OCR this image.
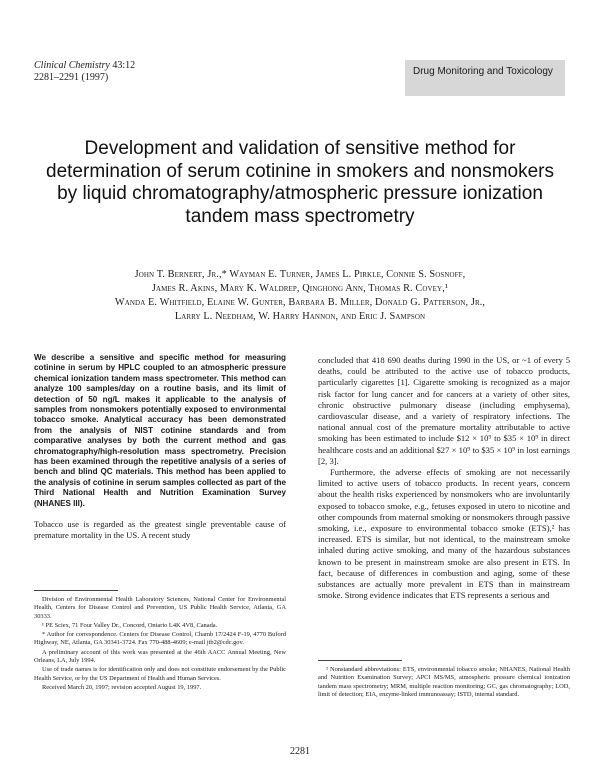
Clinical Chemistry 43:12
2281–2291 (1997)
Drug Monitoring and Toxicology
Development and validation of sensitive method for determination of serum cotinine in smokers and nonsmokers by liquid chromatography/atmospheric pressure ionization tandem mass spectrometry
John T. Bernert, Jr.,* Wayman E. Turner, James L. Pirkle, Connie S. Sosnoff,
James R. Akins, Mary K. Waldrep, Qinghong Ann, Thomas R. Covey,¹
Wanda E. Whitfield, Elaine W. Gunter, Barbara B. Miller, Donald G. Patterson, Jr.,
Larry L. Needham, W. Harry Hannon, and Eric J. Sampson

We describe a sensitive and specific method for measuring cotinine in serum by HPLC coupled to an atmospheric pressure chemical ionization tandem mass spectrometer. This method can analyze 100 samples/day on a routine basis, and its limit of detection of 50 ng/L makes it applicable to the analysis of samples from nonsmokers potentially exposed to environmental tobacco smoke. Analytical accuracy has been demonstrated from the analysis of NIST cotinine standards and from comparative analyses by both the current method and gas chromatography/high-resolution mass spectrometry. Precision has been examined through the repetitive analysis of a series of bench and blind QC materials. This method has been applied to the analysis of cotinine in serum samples collected as part of the Third National Health and Nutrition Examination Survey (NHANES III).

Tobacco use is regarded as the greatest single preventable cause of premature mortality in the US. A recent study

concluded that 418 690 deaths during 1990 in the US, or ~1 of every 5 deaths, could be attributed to the active use of tobacco products, particularly cigarettes [1]. Cigarette smoking is recognized as a major risk factor for lung cancer and for cancers at a variety of other sites, chronic obstructive pulmonary disease (including emphysema), cardiovascular disease, and a variety of respiratory infections. The national annual cost of the premature mortality attributable to active smoking has been estimated to include $12 × 10⁹ to $35 × 10⁹ in direct healthcare costs and an additional $27 × 10⁹ to $35 × 10⁹ in lost earnings [2, 3].

Furthermore, the adverse effects of smoking are not necessarily limited to active users of tobacco products. In recent years, concern about the health risks experienced by nonsmokers who are involuntarily exposed to tobacco smoke, e.g., fetuses exposed in utero to nicotine and other compounds from maternal smoking or nonsmokers through passive smoking, i.e., exposure to environmental tobacco smoke (ETS),² has increased. ETS is similar, but not identical, to the mainstream smoke inhaled during active smoking, and many of the hazardous substances known to be present in mainstream smoke are also present in ETS. In fact, because of differences in combustion and aging, some of these substances are actually more prevalent in ETS than in mainstream smoke. Strong evidence indicates that ETS represents a serious and

Division of Environmental Health Laboratory Sciences, National Center for Environmental Health, Centers for Disease Control and Prevention, US Public Health Service, Atlanta, GA 30333.

¹ PE Sciex, 71 Four Valley Dr., Concord, Ontario L4K 4V8, Canada.

* Author for correspondence. Centers for Disease Control, Chamb 17/2424 F-19, 4770 Buford Highway, NE, Atlanta, GA 30341-3724. Fax 770-488-4609; e-mail jtb2@cdc.gov.

A preliminary account of this work was presented at the 46th AACC Annual Meeting, New Orleans, LA, July 1994.

Use of trade names is for identification only and does not constitute endorsement by the Public Health Service, or by the US Department of Health and Human Services.

Received March 20, 1997; revision accepted August 19, 1997.

² Nonstandard abbreviations: ETS, environmental tobacco smoke; NHANES, National Health and Nutrition Examination Survey; APCI MS/MS, atmospheric pressure chemical ionization tandem mass spectrometry; MRM, multiple reaction monitoring; GC, gas chromatography; LOD, limit of detection; EIA, enzyme-linked immunoassay; ISTD, internal standard.

2281
